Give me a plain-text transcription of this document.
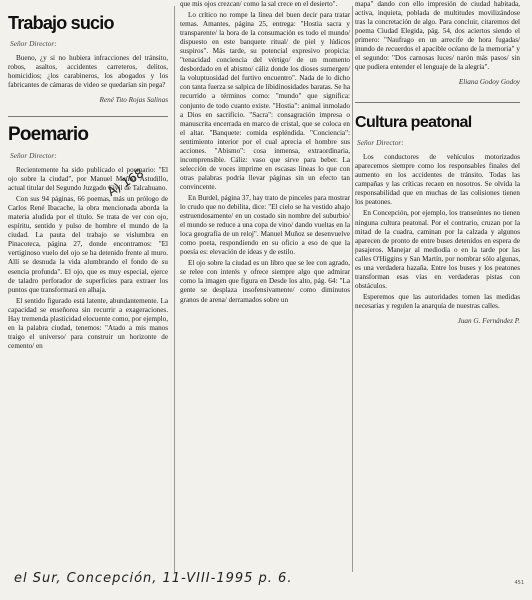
Trabajo sucio
Señor Director:

Bueno, ¿y si no hubiera infracciones del tránsito, robos, asaltos, accidentes carreteros, delitos, homicidios; ¿los carabineros, los abogados y los fabricantes de cámaras de video se quedarían sin pega?

René Tito Rojas Salinas

Poemario
Señor Director:

Recientemente ha sido publicado el poemario: "El ojo sobre la ciudad", por Manuel Muñoz Astudillo, actual titular del Segundo Juzgado Civil de Talcahuano.

Con sus 94 páginas, 66 poemas, más un prólogo de Carlos René Ibacache, la obra mencionada aborda la materia aludida por el título. Se trata de ver con ojo, espíritu, sentido y pulso de hombre el mundo de la ciudad. La pauta del trabajo se vislumbra en Pinacoteca, página 27, donde encontramos: "El vertiginoso vuelo del ojo se ha detenido frente al muro. Allí se desnuda la vida alumbrando el fondo de su esencia profunda". El ojo, que es muy especial, ejerce de taladro perforador de superficies para extraer los puntos que transformará en alhaja.

El sentido figurado está latente, abundantemente. La capacidad se enseñorea sin recurrir a exageraciones. Hay tremenda plasticidad elocuente como, por ejemplo, en la palabra ciudad, tenemos: "Atado a mis manos traigo el universo/ para construir un horizonte de cemento/ en

que mis ojos crezcan/ como la sal crece en el desierto".

Lo crítico no rompe la línea del buen decir para tratar temas. Amantes, página 25, entrega: "Hostia sacra y transparente/ la hora de la consumación es todo el mundo/ dispuesto en este banquete ritual/ de piel y lúdicos suspiros". Más tarde, su potencial expresivo propicia: "tenacidad conciencia del vértigo/ de un momento desbordado en el abismo/ cáliz donde los dioses sumergen/ la voluptuosidad del furtivo encuentro". Nada de lo dicho con tanta fuerza se salpica de libidinosidades baratas. Se ha recurrido a términos como: "mundo" que significa: conjunto de todo cuanto existe. "Hostia": animal inmolado a Dios en sacrificio. "Sacra": consagración impresa o manuscrita encerrada en marco de cristal, que se coloca en el altar. "Banquete: comida espléndida. "Conciencia": sentimiento interior por el cual aprecia el hombre sus acciones. "Abismo": cosa inmensa, extraordinaria, incomprensible. Cáliz: vaso que sirve para beber. La selección de voces imprime en escasas líneas lo que con otras palabras podría llevar páginas sin un efecto tan convincente.

En Burdel, página 37, hay trato de pinceles para mostrar lo crudo que no debilita, dice: "El cielo se ha vestido abajo estruendosamente/ en un costado sin nombre del suburbio/ el mundo se reduce a una copa de vino/ dando vueltas en la loca geografía de un reloj". Manuel Muñoz se desenvuelve como poeta, respondiendo en su oficio a eso de que la poesía es: elevación de ideas y de estilo.

El ojo sobre la ciudad es un libro que se lee con agrado, se relee con interés y ofrece siempre algo que admirar como la imagen que figura en Desde los alto, pág. 64: "La gente se desplaza insofensivamente/ como diminutos granos de arena/ derramados sobre un

mapa" dando con ello impresión de ciudad habitada, activa, inquieta, poblada de multitudes movilizándose tras la concretación de algo. Para concluir, citaremos del poema Ciudad Elegida, pág. 54, dos aciertos siendo el primero: "Naufrago en un arrecife de hora fugadas/ inundo de recuerdos el apacible océano de la memoria" y el segundo: "Dos carnosas luces/ narón más pasos/ sin que pudiera entender el lenguaje de la alegría".

Eliana Godoy Godoy

Cultura peatonal
Señor Director:

Los conductores de vehículos motorizados aparecemos siempre como los responsables finales del aumento en los accidentes de tránsito. Todas las campañas y las críticas recaen en nosotros. Se olvida la responsabilidad que en muchas de las colisiones tienen los peatones.

En Concepción, por ejemplo, los transeúntes no tienen ninguna cultura peatonal. Por el contrario, cruzan por la mitad de la cuadra, caminan por la calzada y algunos aparecen de pronto de entre buses detenidos en espera de pasajeros. Manejar al mediodía o en la tarde por las calles O'Higgins y San Martín, por nombrar sólo algunas, es una verdadera hazaña. Entre los buses y los peatones transforman esas vías en verdaderas pistas con obstáculos.

Esperemos que las autoridades tomen las medidas necesarias y regulen la anarquía de nuestras calles.

Juan G. Fernández P.

A) 168
el Sur, Concepción, 11-VIII-1995 p. 6.	451
